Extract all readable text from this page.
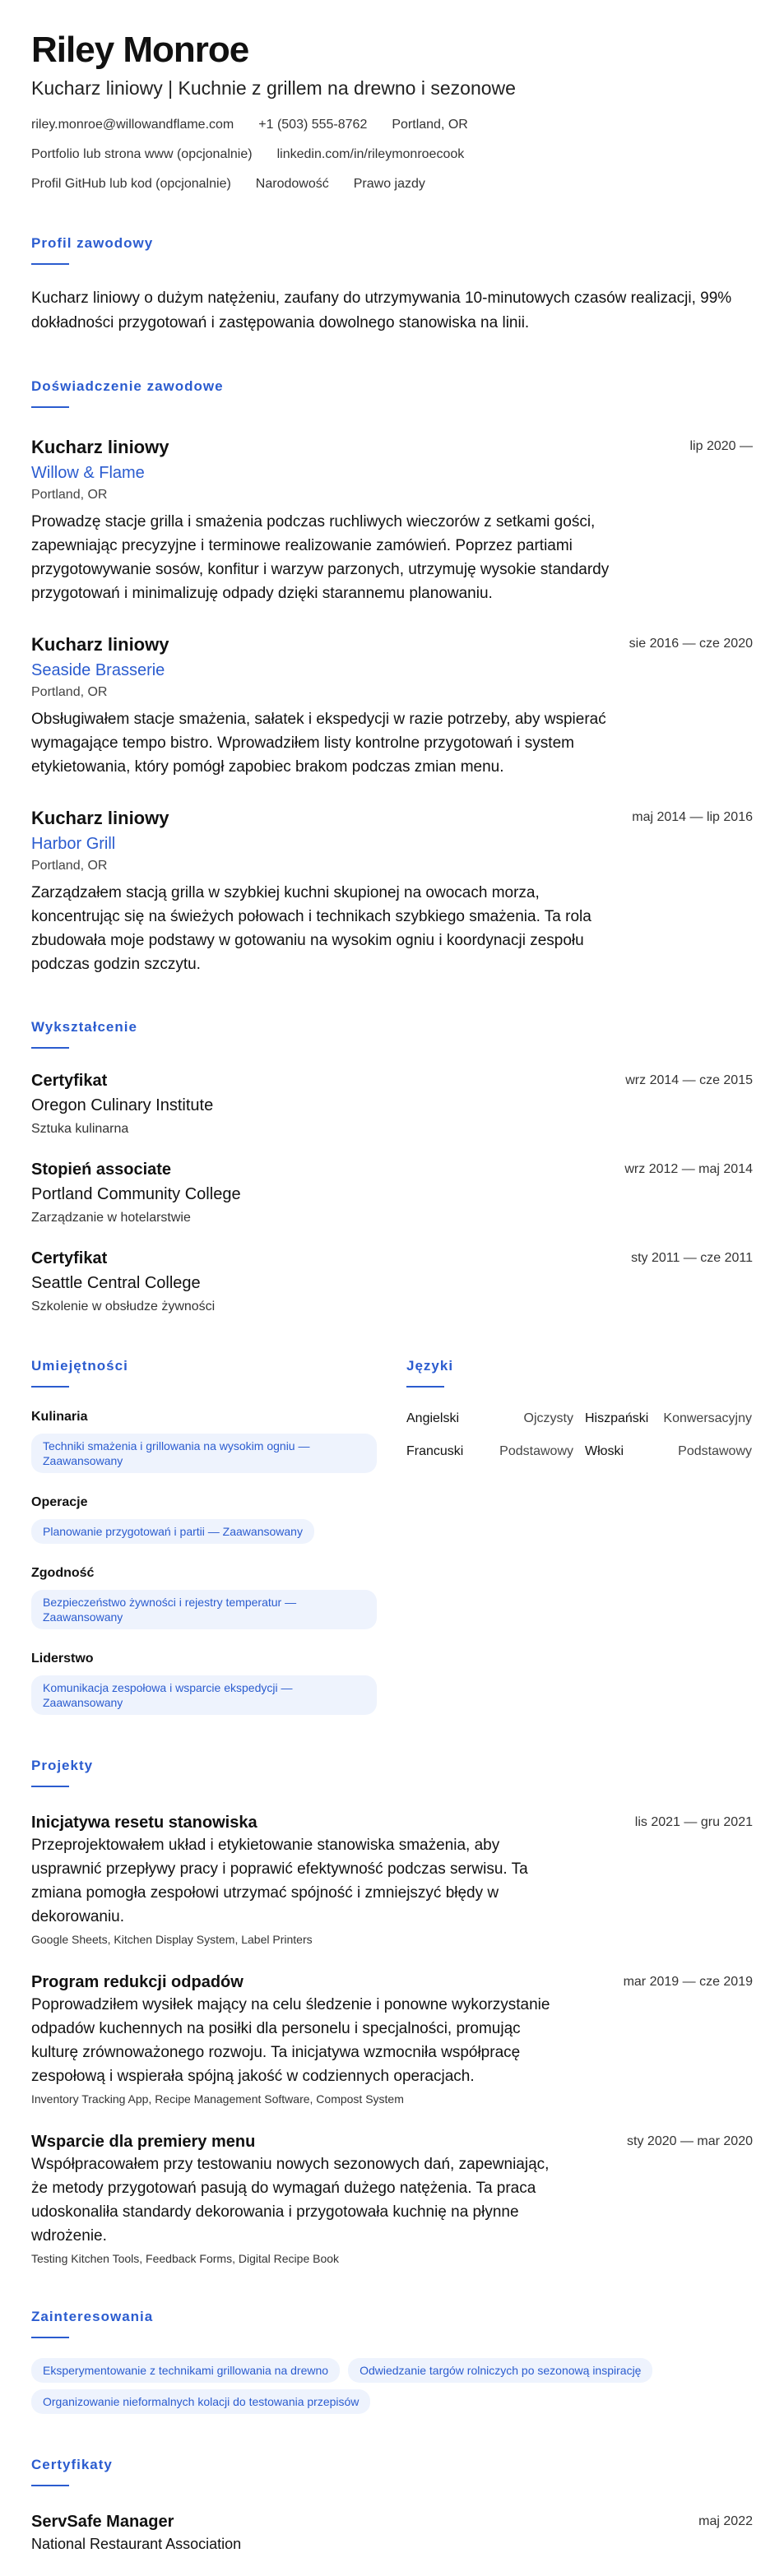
Riley Monroe
Kucharz liniowy | Kuchnie z grillem na drewno i sezonowe
riley.monroe@willowandflame.com +1 (503) 555-8762 Portland, OR
Portfolio lub strona www (opcjonalnie) linkedin.com/in/rileymonroecook
Profil GitHub lub kod (opcjonalnie) Narodowość Prawo jazdy
Profil zawodowy

Kucharz liniowy o dużym natężeniu, zaufany do utrzymywania 10-minutowych czasów realizacji, 99% dokładności przygotowań i zastępowania dowolnego stanowiska na linii.

Doświadczenie zawodowe
Kucharz liniowy	lip 2020 —
Willow & Flame
Portland, OR

Prowadzę stacje grilla i smażenia podczas ruchliwych wieczorów z setkami gości, zapewniając precyzyjne i terminowe realizowanie zamówień. Poprzez partiami przygotowywanie sosów, konfitur i warzyw parzonych, utrzymuję wysokie standardy przygotowań i minimalizuję odpady dzięki starannemu planowaniu.

Kucharz liniowy	sie 2016 — cze 2020
Seaside Brasserie
Portland, OR

Obsługiwałem stacje smażenia, sałatek i ekspedycji w razie potrzeby, aby wspierać wymagające tempo bistro. Wprowadziłem listy kontrolne przygotowań i system etykietowania, który pomógł zapobiec brakom podczas zmian menu.

Kucharz liniowy	maj 2014 — lip 2016
Harbor Grill
Portland, OR

Zarządzałem stacją grilla w szybkiej kuchni skupionej na owocach morza, koncentrując się na świeżych połowach i technikach szybkiego smażenia. Ta rola zbudowała moje podstawy w gotowaniu na wysokim ogniu i koordynacji zespołu podczas godzin szczytu.

Wykształcenie
Certyfikat	wrz 2014 — cze 2015
Oregon Culinary Institute
Sztuka kulinarna
Stopień associate	wrz 2012 — maj 2014
Portland Community College
Zarządzanie w hotelarstwie
Certyfikat	sty 2011 — cze 2011
Seattle Central College
Szkolenie w obsłudze żywności
Umiejętności
Kulinaria
Techniki smażenia i grillowania na wysokim ogniu — Zaawansowany
Operacje
Planowanie przygotowań i partii — Zaawansowany
Zgodność
Bezpieczeństwo żywności i rejestry temperatur — Zaawansowany
Liderstwo
Komunikacja zespołowa i wsparcie ekspedycji — Zaawansowany
Języki
Angielski	Ojczysty Hiszpański Konwersacyjny
Francuski	Podstawowy Włoski	Podstawowy
Projekty
Inicjatywa resetu stanowiska	lis 2021 — gru 2021

Przeprojektowałem układ i etykietowanie stanowiska smażenia, aby usprawnić przepływy pracy i poprawić efektywność podczas serwisu. Ta zmiana pomogła zespołowi utrzymać spójność i zmniejszyć błędy w dekorowaniu.

Google Sheets, Kitchen Display System, Label Printers
Program redukcji odpadów	mar 2019 — cze 2019

Poprowadziłem wysiłek mający na celu śledzenie i ponowne wykorzystanie odpadów kuchennych na posiłki dla personelu i specjalności, promując kulturę zrównoważonego rozwoju. Ta inicjatywa wzmocniła współpracę zespołową i wspierała spójną jakość w codziennych operacjach.

Inventory Tracking App, Recipe Management Software, Compost System
Wsparcie dla premiery menu	sty 2020 — mar 2020

Współpracowałem przy testowaniu nowych sezonowych dań, zapewniając, że metody przygotowań pasują do wymagań dużego natężenia. Ta praca udoskonaliła standardy dekorowania i przygotowała kuchnię na płynne wdrożenie.

Testing Kitchen Tools, Feedback Forms, Digital Recipe Book
Zainteresowania
Eksperymentowanie z technikami grillowania na drewno	Odwiedzanie targów rolniczych po sezonową inspirację
Organizowanie nieformalnych kolacji do testowania przepisów
Certyfikaty
ServSafe Manager	maj 2022
National Restaurant Association
